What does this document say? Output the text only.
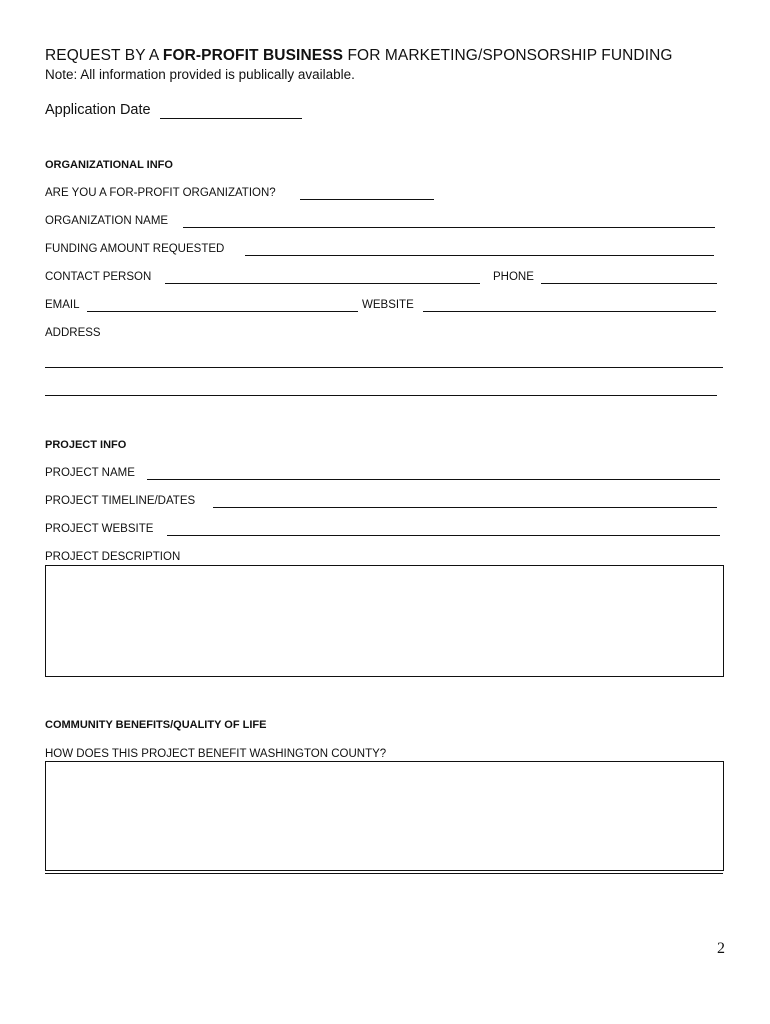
REQUEST BY A FOR-PROFIT BUSINESS FOR MARKETING/SPONSORSHIP FUNDING
Note: All information provided is publically available.
Application Date
ORGANIZATIONAL INFO
ARE YOU A FOR-PROFIT ORGANIZATION?
ORGANIZATION NAME
FUNDING AMOUNT REQUESTED
CONTACT PERSON	PHONE
EMAIL	WEBSITE
ADDRESS
PROJECT INFO
PROJECT NAME
PROJECT TIMELINE/DATES
PROJECT WEBSITE
PROJECT DESCRIPTION
COMMUNITY BENEFITS/QUALITY OF LIFE
HOW DOES THIS PROJECT BENEFIT WASHINGTON COUNTY?
2
